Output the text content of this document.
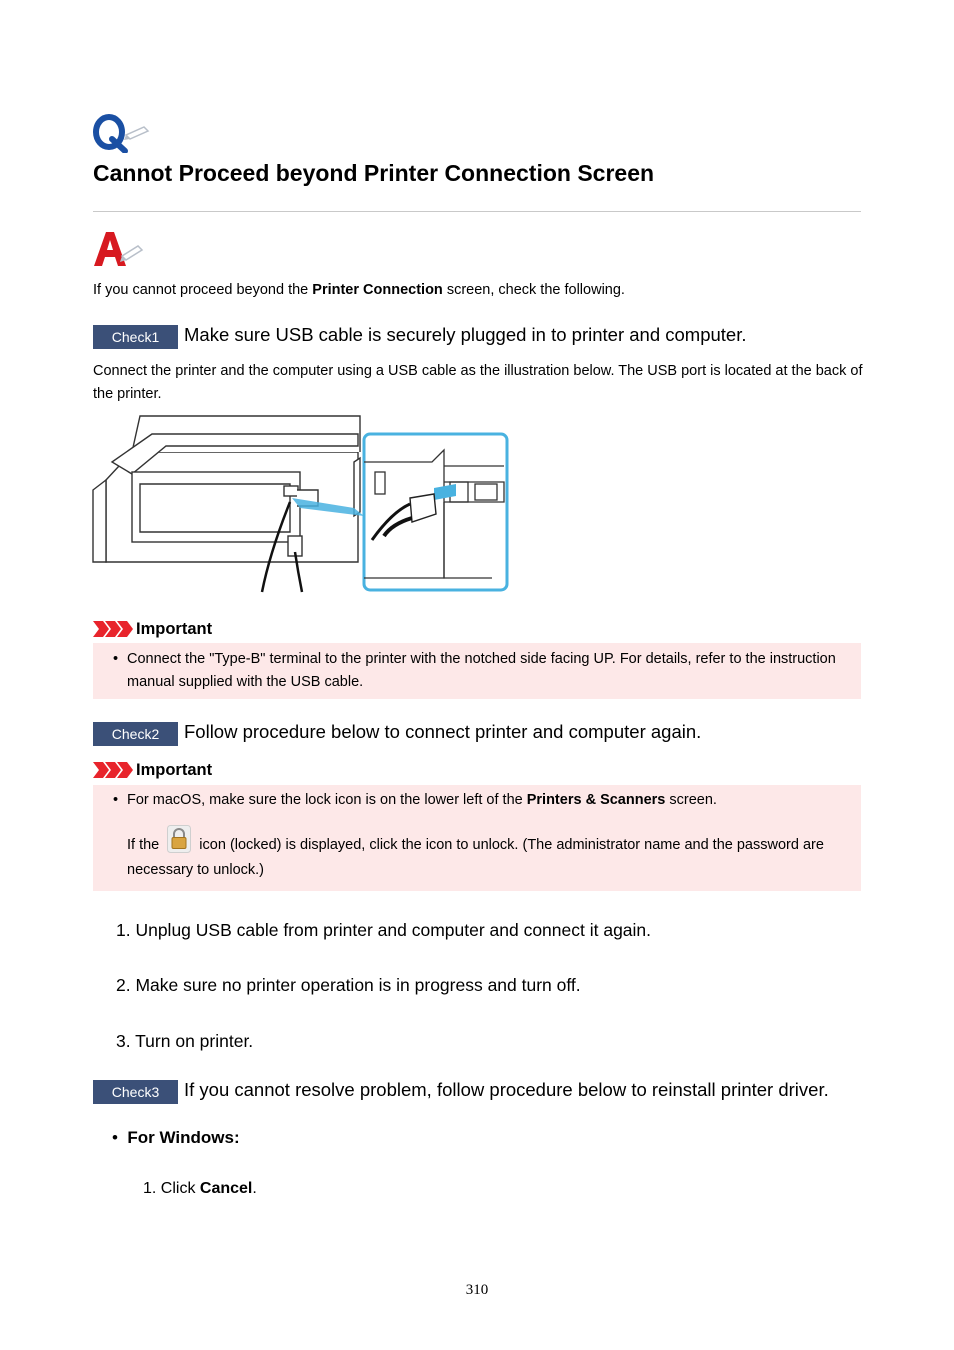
Cannot Proceed beyond Printer Connection Screen
If you cannot proceed beyond the Printer Connection screen, check the following.
Check1	Make sure USB cable is securely plugged in to printer and computer.
Connect the printer and the computer using a USB cable as the illustration below. The USB port is located at the back of the printer.
Important
• Connect the "Type-B" terminal to the printer with the notched side facing UP. For details, refer to the instruction manual supplied with the USB cable.
Check2	Follow procedure below to connect printer and computer again.
Important
• For macOS, make sure the lock icon is on the lower left of the Printers & Scanners screen.
If the  icon (locked) is displayed, click the icon to unlock. (The administrator name and the password are necessary to unlock.)
1. Unplug USB cable from printer and computer and connect it again.
2. Make sure no printer operation is in progress and turn off.
3. Turn on printer.
Check3	If you cannot resolve problem, follow procedure below to reinstall printer driver.
• For Windows:
1. Click Cancel.
310
